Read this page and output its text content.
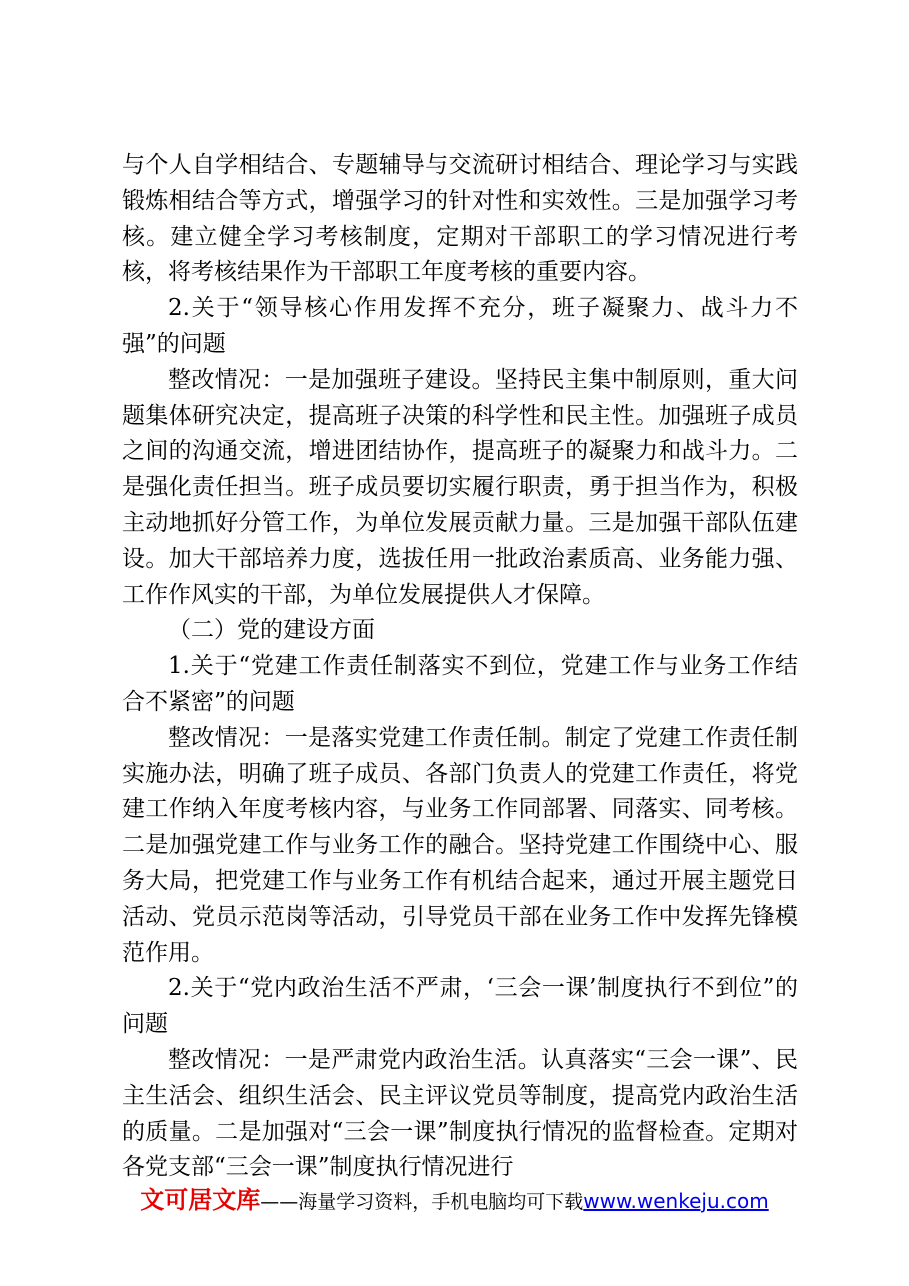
与个人自学相结合、专题辅导与交流研讨相结合、理论学习与实践锻炼相结合等方式，增强学习的针对性和实效性。三是加强学习考核。建立健全学习考核制度，定期对干部职工的学习情况进行考核，将考核结果作为干部职工年度考核的重要内容。

2.关于“领导核心作用发挥不充分，班子凝聚力、战斗力不强”的问题

整改情况：一是加强班子建设。坚持民主集中制原则，重大问题集体研究决定，提高班子决策的科学性和民主性。加强班子成员之间的沟通交流，增进团结协作，提高班子的凝聚力和战斗力。二是强化责任担当。班子成员要切实履行职责，勇于担当作为，积极主动地抓好分管工作，为单位发展贡献力量。三是加强干部队伍建设。加大干部培养力度，选拔任用一批政治素质高、业务能力强、工作作风实的干部，为单位发展提供人才保障。

（二）党的建设方面

1.关于“党建工作责任制落实不到位，党建工作与业务工作结合不紧密”的问题

整改情况：一是落实党建工作责任制。制定了党建工作责任制实施办法，明确了班子成员、各部门负责人的党建工作责任，将党建工作纳入年度考核内容，与业务工作同部署、同落实、同考核。二是加强党建工作与业务工作的融合。坚持党建工作围绕中心、服务大局，把党建工作与业务工作有机结合起来，通过开展主题党日活动、党员示范岗等活动，引导党员干部在业务工作中发挥先锋模范作用。

2.关于“党内政治生活不严肃，‘三会一课’制度执行不到位”的问题

整改情况：一是严肃党内政治生活。认真落实“三会一课”、民主生活会、组织生活会、民主评议党员等制度，提高党内政治生活的质量。二是加强对“三会一课”制度执行情况的监督检查。定期对各党支部“三会一课”制度执行情况进行

文可居文库——海量学习资料，手机电脑均可下载www.wenkeju.com
